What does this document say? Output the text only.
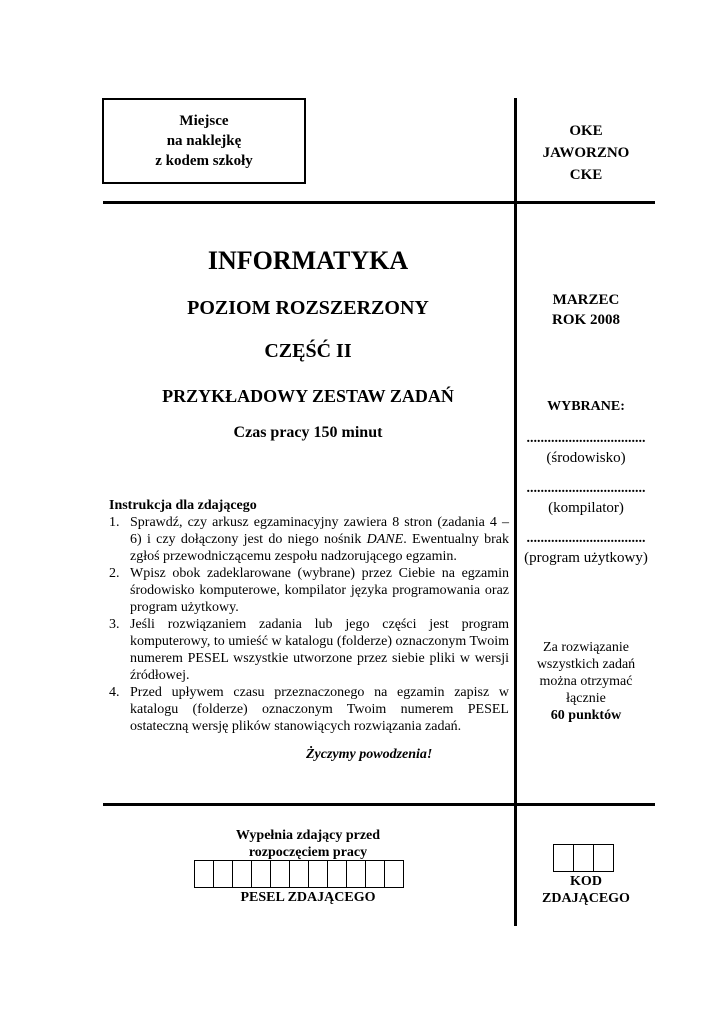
Miejsce
na naklejkę
z kodem szkoły
OKE
JAWORZNO
CKE
INFORMATYKA
POZIOM ROZSZERZONY
CZĘŚĆ II
PRZYKŁADOWY ZESTAW ZADAŃ
Czas pracy 150 minut
MARZEC
ROK 2008
WYBRANE:
..................................
(środowisko)
..................................
(kompilator)
..................................
(program użytkowy)
Instrukcja dla zdającego
1. Sprawdź, czy arkusz egzaminacyjny zawiera 8 stron (zadania 4 – 6) i czy dołączony jest do niego nośnik DANE. Ewentualny brak zgłoś przewodniczącemu zespołu nadzorującego egzamin.
2. Wpisz obok zadeklarowane (wybrane) przez Ciebie na egzamin środowisko komputerowe, kompilator języka programowania oraz program użytkowy.
3. Jeśli rozwiązaniem zadania lub jego części jest program komputerowy, to umieść w katalogu (folderze) oznaczonym Twoim numerem PESEL wszystkie utworzone przez siebie pliki w wersji źródłowej.
4. Przed upływem czasu przeznaczonego na egzamin zapisz w katalogu (folderze) oznaczonym Twoim numerem PESEL ostateczną wersję plików stanowiących rozwiązania zadań.
Życzymy powodzenia!
Za rozwiązanie
wszystkich zadań
można otrzymać
łącznie
60 punktów
Wypełnia zdający przed
rozpoczęciem pracy
PESEL ZDAJĄCEGO
KOD
ZDAJĄCEGO
